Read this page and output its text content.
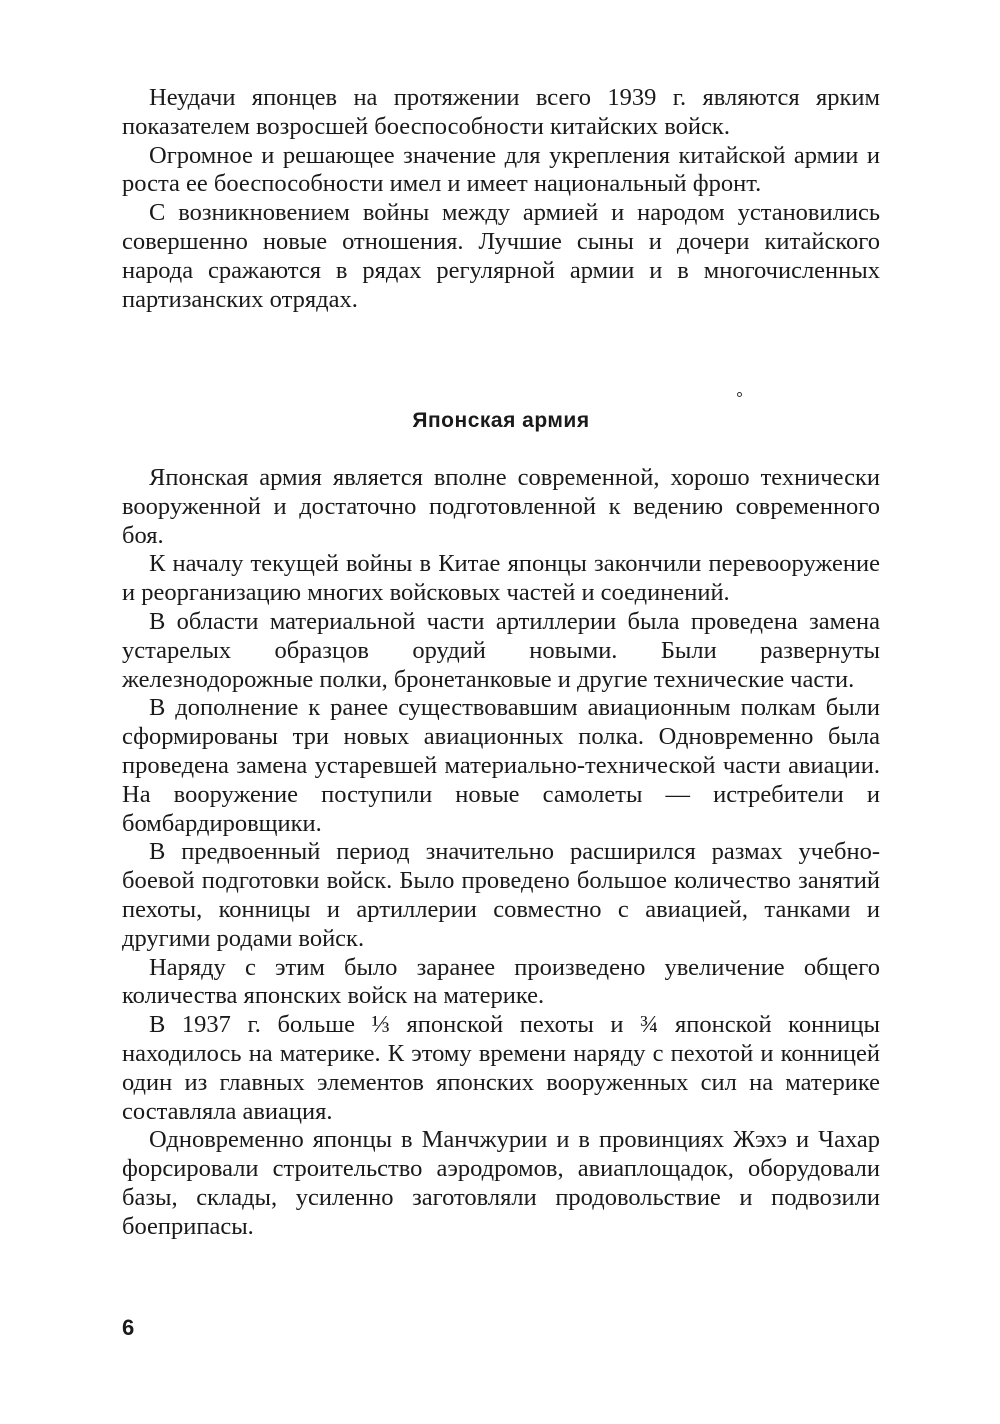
Неудачи японцев на протяжении всего 1939 г. являются ярким показателем возросшей боеспособности китайских войск.

Огромное и решающее значение для укрепления китайской армии и роста ее боеспособности имел и имеет национальный фронт.

С возникновением войны между армией и народом установились совершенно новые отношения. Лучшие сыны и дочери китайского народа сражаются в рядах регулярной армии и в многочисленных партизанских отрядах.

Японская армия

Японская армия является вполне современной, хорошо технически вооруженной и достаточно подготовленной к ведению современного боя.

К началу текущей войны в Китае японцы закончили перевооружение и реорганизацию многих войсковых частей и соединений.

В области материальной части артиллерии была проведена замена устарелых образцов орудий новыми. Были развернуты железнодорожные полки, бронетанковые и другие технические части.

В дополнение к ранее существовавшим авиационным полкам были сформированы три новых авиационных полка. Одновременно была проведена замена устаревшей материально-технической части авиации. На вооружение поступили новые самолеты — истребители и бомбардировщики.

В предвоенный период значительно расширился размах учебно-боевой подготовки войск. Было проведено большое количество занятий пехоты, конницы и артиллерии совместно с авиацией, танками и другими родами войск.

Наряду с этим было заранее произведено увеличение общего количества японских войск на материке.

В 1937 г. больше ⅓ японской пехоты и ¾ японской конницы находилось на материке. К этому времени наряду с пехотой и конницей один из главных элементов японских вооруженных сил на материке составляла авиация.

Одновременно японцы в Манчжурии и в провинциях Жэхэ и Чахар форсировали строительство аэродромов, авиаплощадок, оборудовали базы, склады, усиленно заготовляли продовольствие и подвозили боеприпасы.

6
